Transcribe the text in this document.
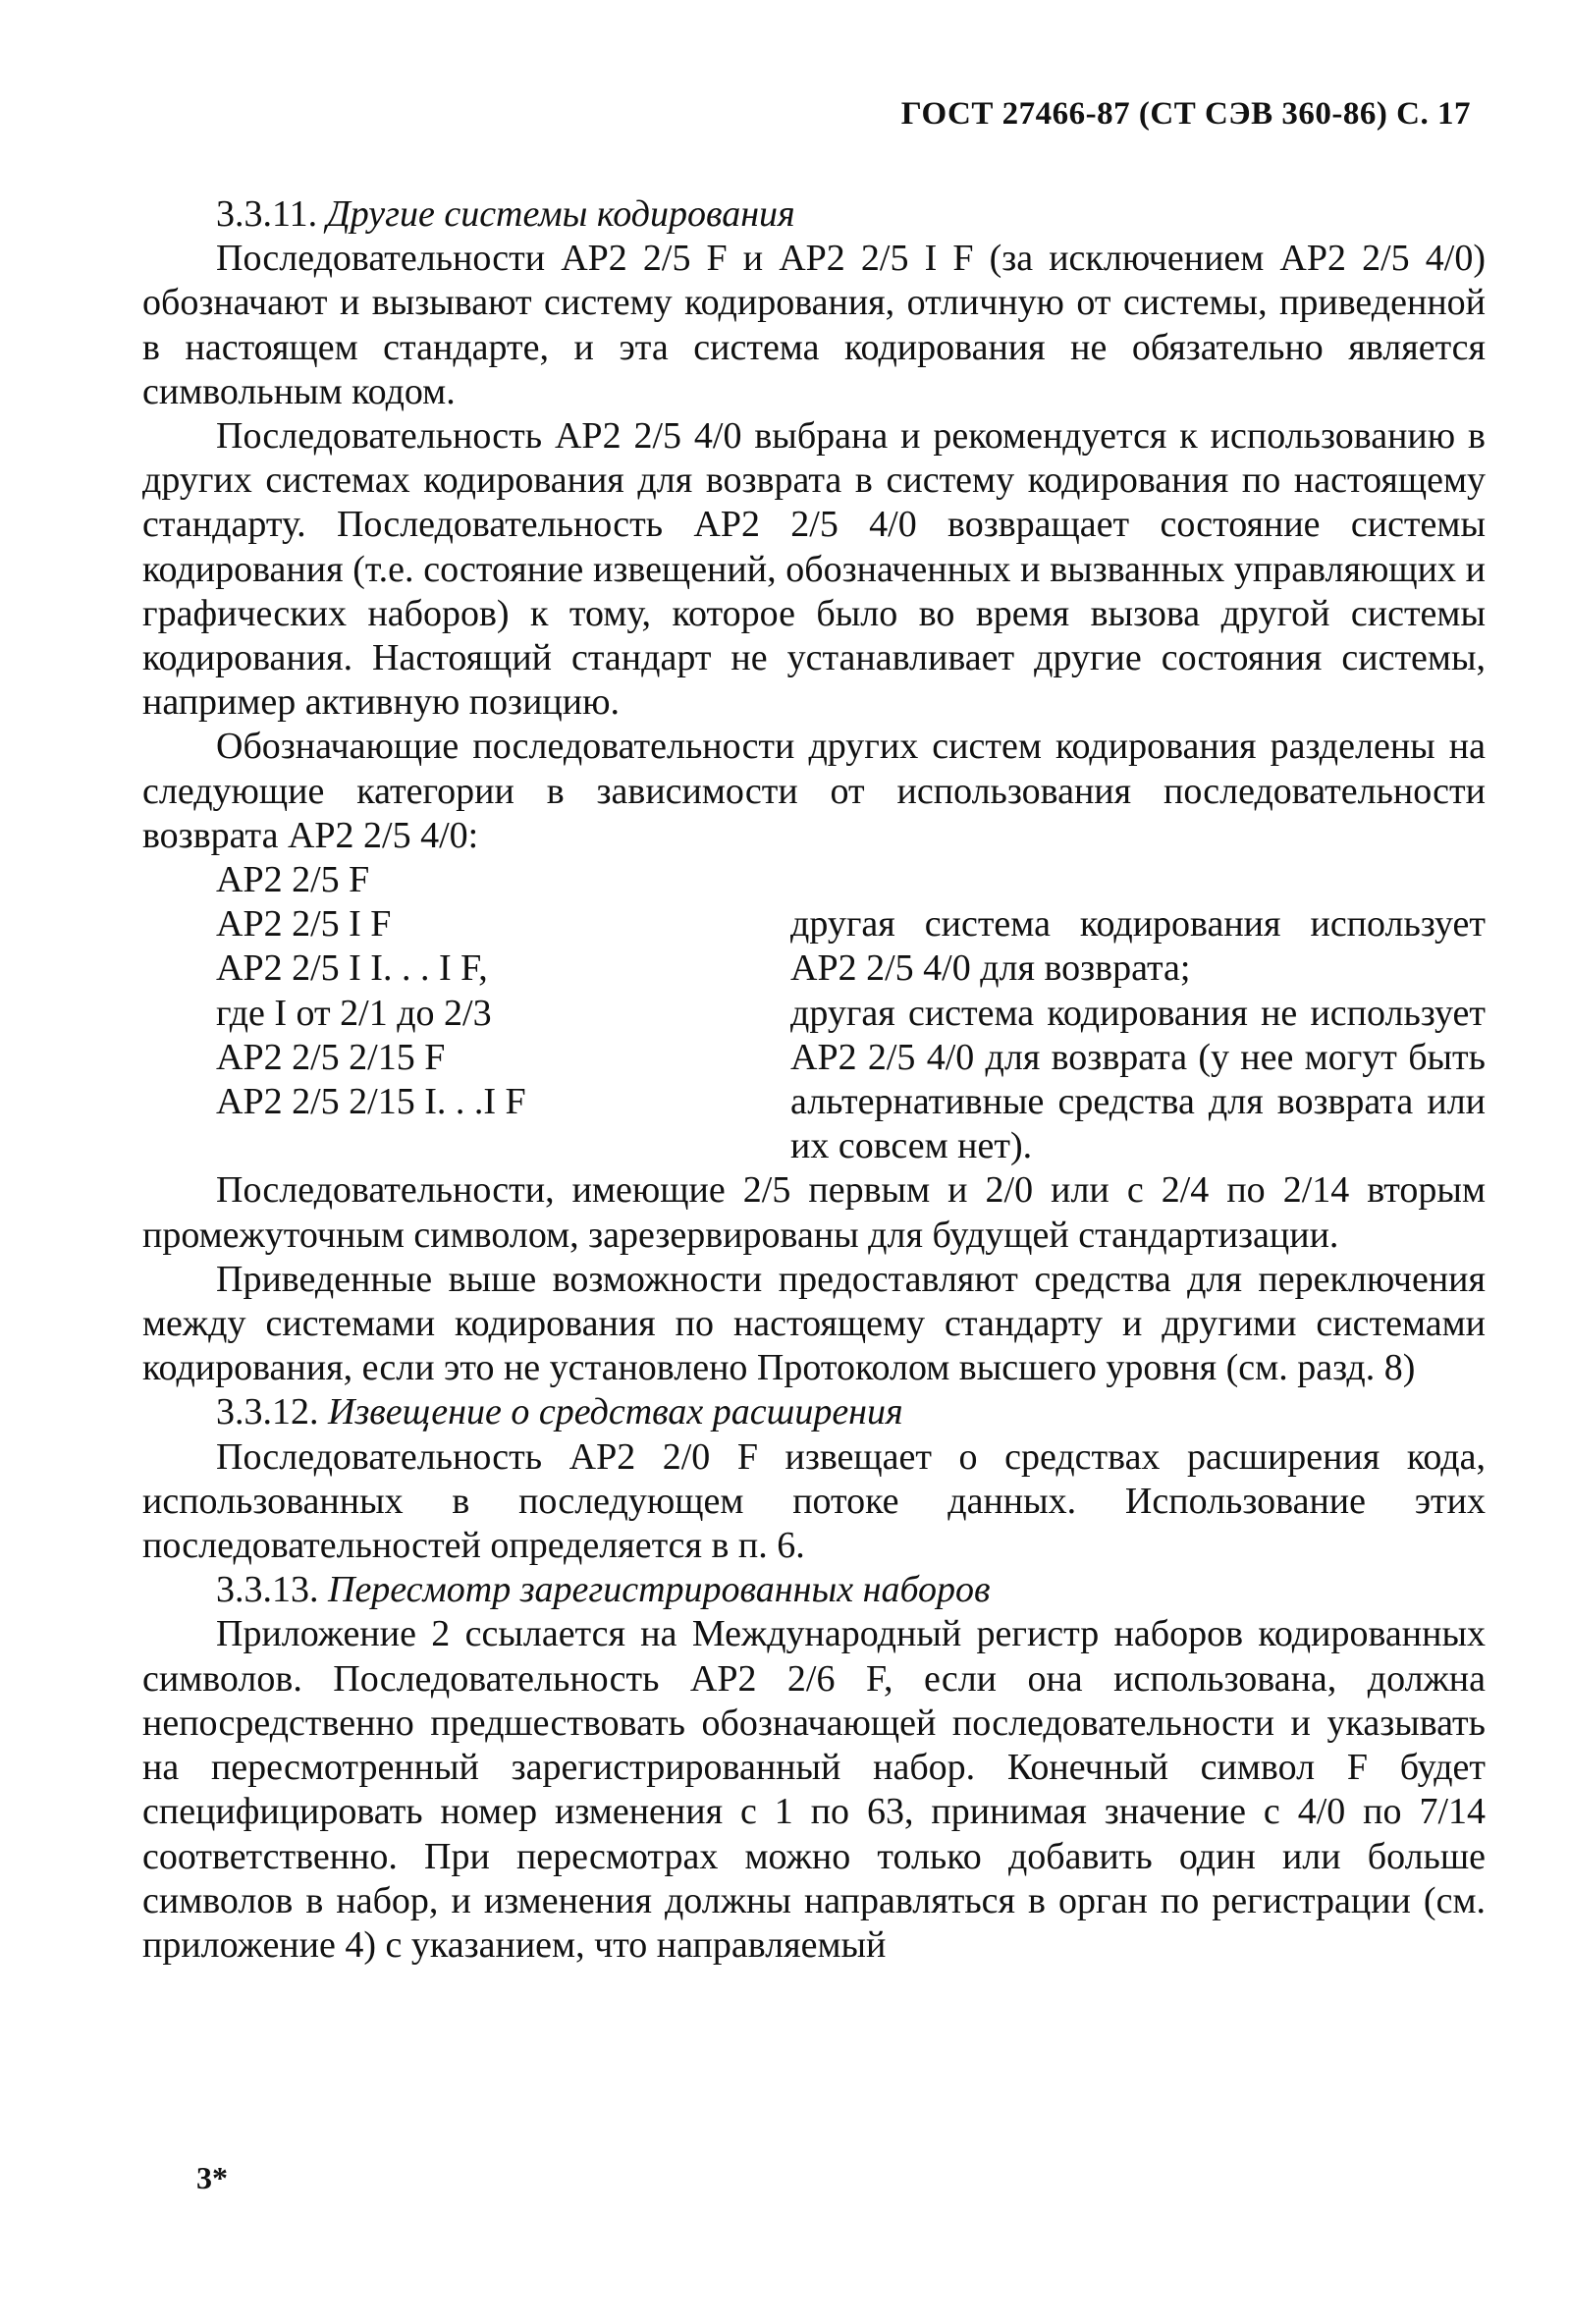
ГОСТ 27466-87 (СТ СЭВ 360-86) С. 17
3.3.11. Другие системы кодирования

Последовательности АР2 2/5 F и АР2 2/5 I F (за исключением АР2 2/5 4/0) обозначают и вызывают систему кодирования, отличную от системы, приведенной в настоящем стандарте, и эта система кодирования не обязательно является символьным кодом.

Последовательность АР2 2/5 4/0 выбрана и рекомендуется к использованию в других системах кодирования для возврата в систему кодирования по настоящему стандарту. Последовательность АР2 2/5 4/0 возвращает состояние системы кодирования (т.е. состояние извещений, обозначенных и вызванных управляющих и графических наборов) к тому, которое было во время вызова другой системы кодирования. Настоящий стандарт не устанавливает другие состояния системы, например активную позицию.

Обозначающие последовательности других систем кодирования разделены на следующие категории в зависимости от использования последовательности возврата АР2 2/5 4/0:

АР2 2/5 F
АР2 2/5 I F
АР2 2/5 I I. . . I F,
где I от 2/1 до 2/3
АР2 2/5 2/15 F
АР2 2/5 2/15 I. . .I F
другая система кодирования использует АР2 2/5 4/0 для возврата;
другая система кодирования не использует АР2 2/5 4/0 для возврата (у нее могут быть альтернативные средства для возврата или их совсем нет).

Последовательности, имеющие 2/5 первым и 2/0 или с 2/4 по 2/14 вторым промежуточным символом, зарезервированы для будущей стандартизации.

Приведенные выше возможности предоставляют средства для переключения между системами кодирования по настоящему стандарту и другими системами кодирования, если это не установлено Протоколом высшего уровня (см. разд. 8)

3.3.12. Извещение о средствах расширения

Последовательность АР2 2/0 F извещает о средствах расширения кода, использованных в последующем потоке данных. Использование этих последовательностей определяется в п. 6.

3.3.13. Пересмотр зарегистрированных наборов

Приложение 2 ссылается на Международный регистр наборов кодированных символов. Последовательность АР2 2/6 F, если она использована, должна непосредственно предшествовать обозначающей последовательности и указывать на пересмотренный зарегистрированный набор. Конечный символ F будет специфицировать номер изменения с 1 по 63, принимая значение с 4/0 по 7/14 соответственно. При пересмотрах можно только добавить один или больше символов в набор, и изменения должны направляться в орган по регистрации (см. приложение 4) с указанием, что направляемый

3*
